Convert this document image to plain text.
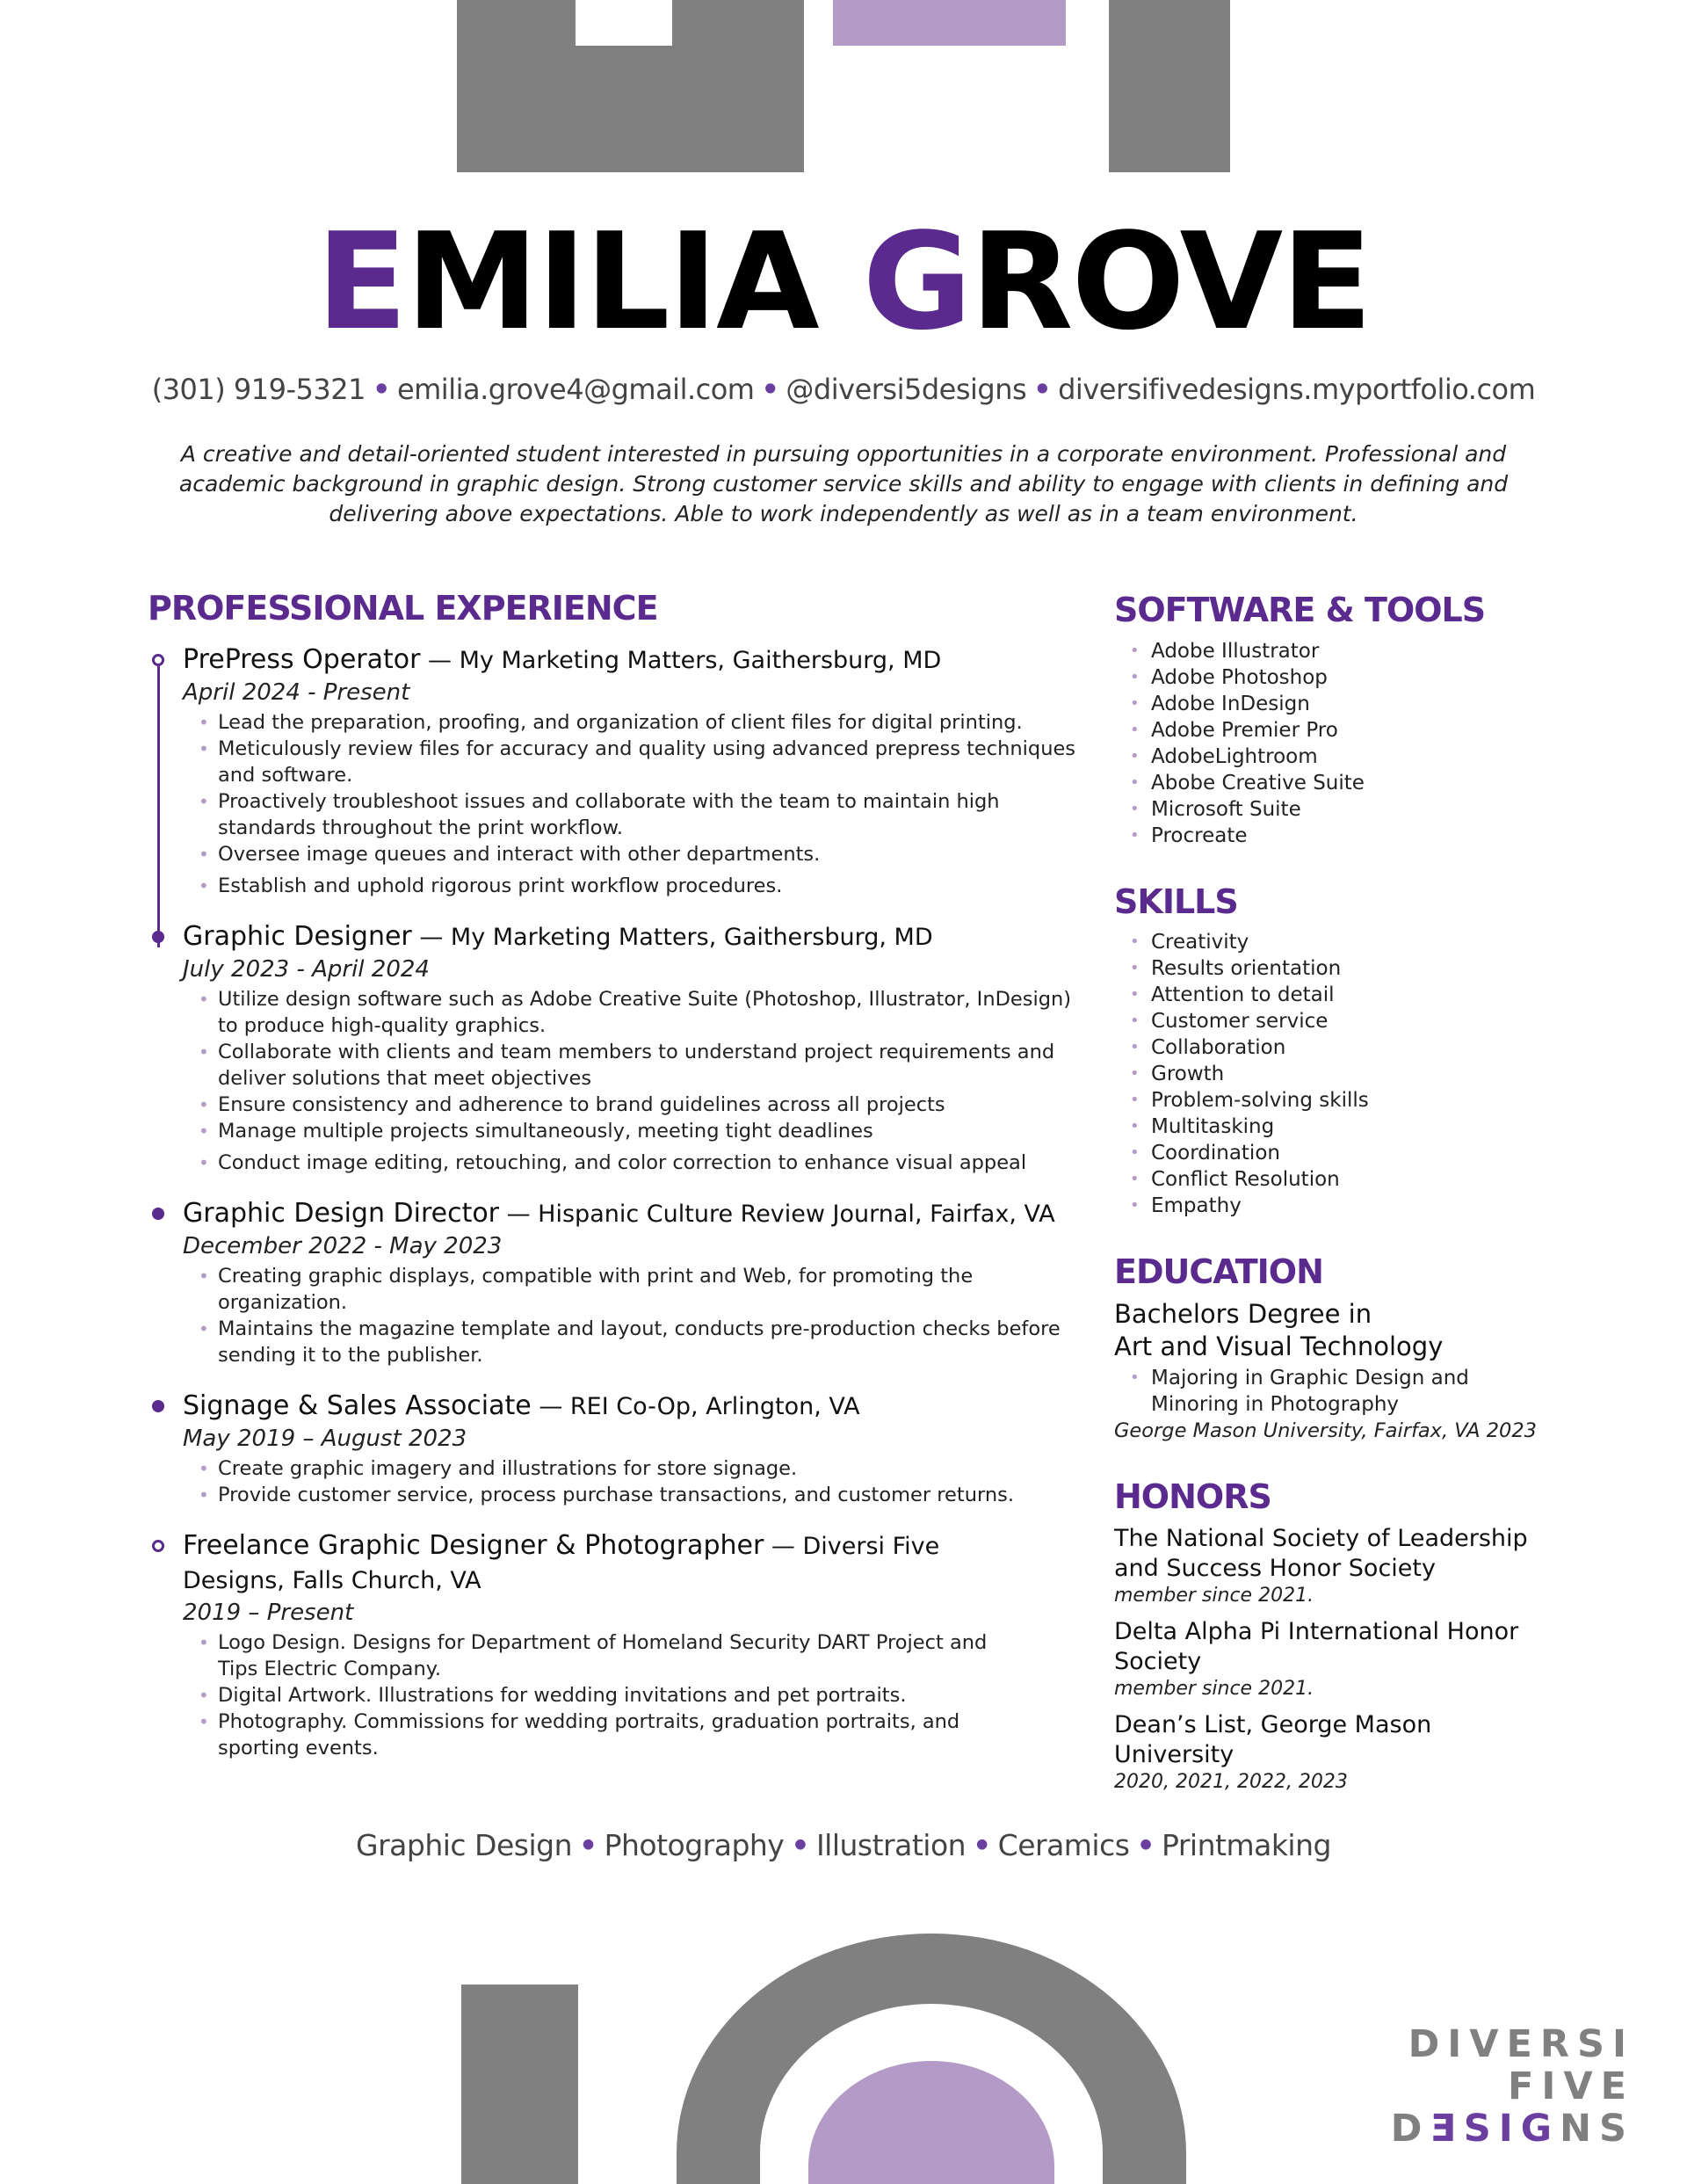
EMILIA GROVE
(301) 919-5321 • emilia.grove4@gmail.com • @diversi5designs • diversifivedesigns.myportfolio.com
A creative and detail-oriented student interested in pursuing opportunities in a corporate environment. Professional and academic background in graphic design. Strong customer service skills and ability to engage with clients in defining and delivering above expectations. Able to work independently as well as in a team environment.
PROFESSIONAL EXPERIENCE
PrePress Operator — My Marketing Matters, Gaithersburg, MD
April 2024 - Present
• Lead the preparation, proofing, and organization of client files for digital printing.
• Meticulously review files for accuracy and quality using advanced prepress techniques and software.
• Proactively troubleshoot issues and collaborate with the team to maintain high standards throughout the print workflow.
• Oversee image queues and interact with other departments.
• Establish and uphold rigorous print workflow procedures.
Graphic Designer — My Marketing Matters, Gaithersburg, MD
July 2023 - April 2024
• Utilize design software such as Adobe Creative Suite (Photoshop, Illustrator, InDesign) to produce high-quality graphics.
• Collaborate with clients and team members to understand project requirements and deliver solutions that meet objectives
• Ensure consistency and adherence to brand guidelines across all projects
• Manage multiple projects simultaneously, meeting tight deadlines
• Conduct image editing, retouching, and color correction to enhance visual appeal
Graphic Design Director — Hispanic Culture Review Journal, Fairfax, VA
December 2022 - May 2023
• Creating graphic displays, compatible with print and Web, for promoting the organization.
• Maintains the magazine template and layout, conducts pre-production checks before sending it to the publisher.
Signage & Sales Associate — REI Co-Op, Arlington, VA
May 2019 – August 2023
• Create graphic imagery and illustrations for store signage.
• Provide customer service, process purchase transactions, and customer returns.
Freelance Graphic Designer & Photographer — Diversi Five Designs, Falls Church, VA
2019 – Present
• Logo Design. Designs for Department of Homeland Security DART Project and Tips Electric Company.
• Digital Artwork. Illustrations for wedding invitations and pet portraits.
• Photography. Commissions for wedding portraits, graduation portraits, and sporting events.
SOFTWARE & TOOLS
• Adobe Illustrator
• Adobe Photoshop
• Adobe InDesign
• Adobe Premier Pro
• AdobeLightroom
• Abobe Creative Suite
• Microsoft Suite
• Procreate
SKILLS
• Creativity
• Results orientation
• Attention to detail
• Customer service
• Collaboration
• Growth
• Problem-solving skills
• Multitasking
• Coordination
• Conflict Resolution
• Empathy
EDUCATION
Bachelors Degree in
Art and Visual Technology
• Majoring in Graphic Design and Minoring in Photography
George Mason University, Fairfax, VA 2023
HONORS
The National Society of Leadership and Success Honor Society
member since 2021.
Delta Alpha Pi International Honor Society
member since 2021.
Dean’s List, George Mason University
2020, 2021, 2022, 2023
Graphic Design • Photography • Illustration • Ceramics • Printmaking
DIVERSI
FIVE
DƎSIGNS
